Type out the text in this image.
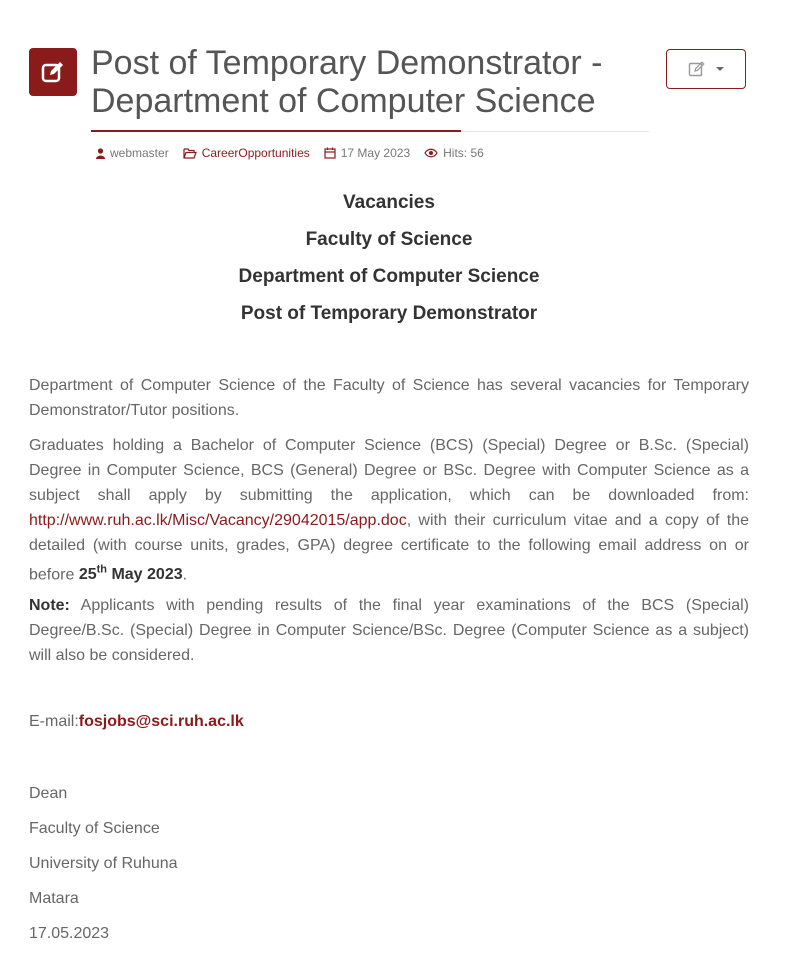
Post of Temporary Demonstrator - Department of Computer Science
webmaster	CareerOpportunities	17 May 2023	Hits:
56
Vacancies
Faculty of Science
Department of Computer Science
Post of Temporary Demonstrator

Department of Computer Science of the Faculty of Science has several vacancies for Temporary Demonstrator/Tutor positions.

Graduates holding a Bachelor of Computer Science (BCS) (Special) Degree or B.Sc. (Special) Degree in Computer Science, BCS (General) Degree or BSc. Degree with Computer Science as a subject shall apply by submitting the application, which can be downloaded from: http://www.ruh.ac.lk/Misc/Vacancy/29042015/app.doc, with their curriculum vitae and a copy of the detailed (with course units, grades, GPA) degree certificate to the following email address on or before 25th May 2023.

Note: Applicants with pending results of the final year examinations of the BCS (Special) Degree/B.Sc. (Special) Degree in Computer Science/BSc. Degree (Computer Science as a subject) will also be considered.

E-mail:fosjobs@sci.ruh.ac.lk
Dean
Faculty of Science
University of Ruhuna
Matara
17.05.2023
